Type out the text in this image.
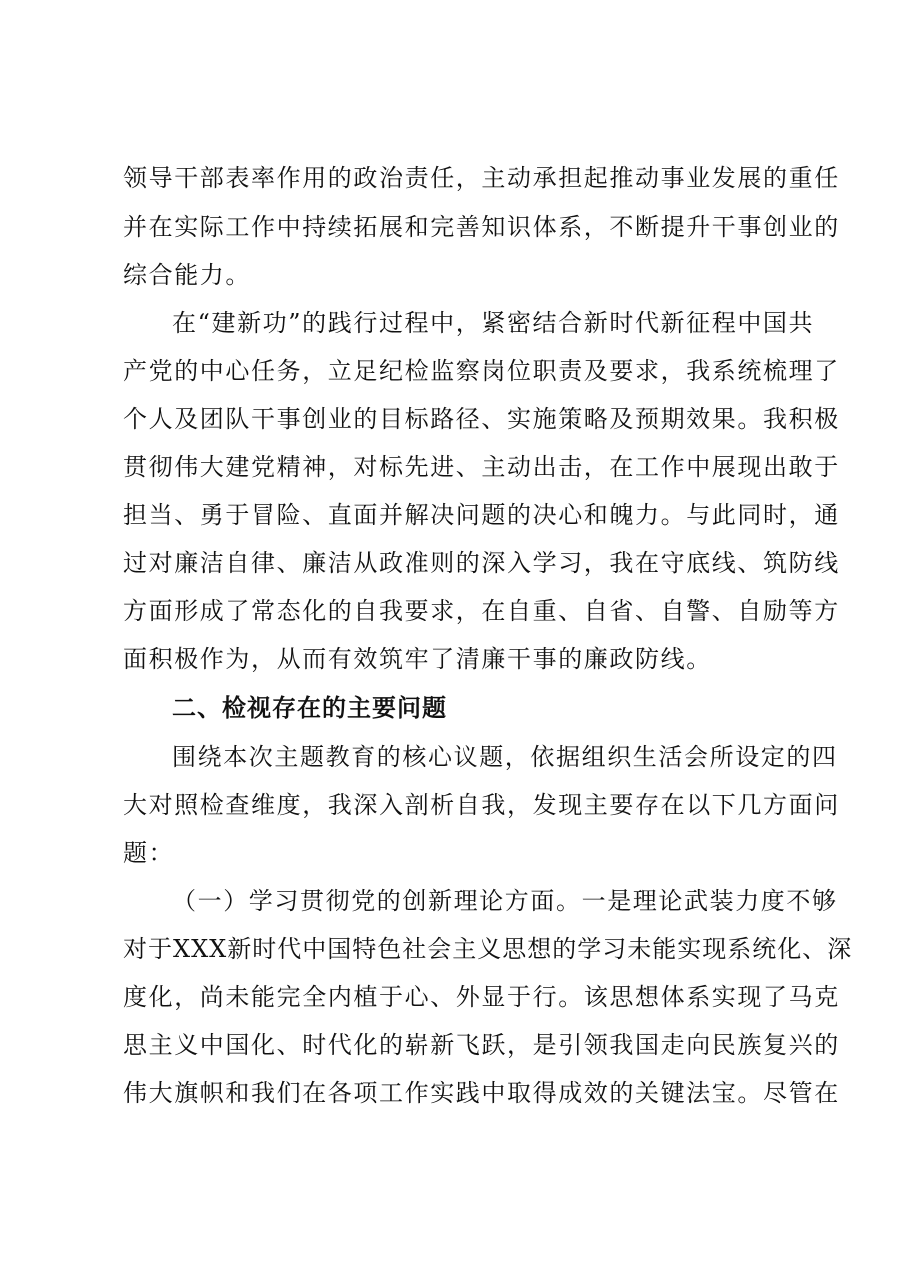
领导干部表率作用的政治责任，主动承担起推动事业发展的重任
并在实际工作中持续拓展和完善知识体系，不断提升干事创业的
综合能力。
在“建新功”的践行过程中，紧密结合新时代新征程中国共
产党的中心任务，立足纪检监察岗位职责及要求，我系统梳理了
个人及团队干事创业的目标路径、实施策略及预期效果。我积极
贯彻伟大建党精神，对标先进、主动出击，在工作中展现出敢于
担当、勇于冒险、直面并解决问题的决心和魄力。与此同时，通
过对廉洁自律、廉洁从政准则的深入学习，我在守底线、筑防线
方面形成了常态化的自我要求，在自重、自省、自警、自励等方
面积极作为，从而有效筑牢了清廉干事的廉政防线。
二、检视存在的主要问题
围绕本次主题教育的核心议题，依据组织生活会所设定的四
大对照检查维度，我深入剖析自我，发现主要存在以下几方面问
题：
（一）学习贯彻党的创新理论方面。一是理论武装力度不够
对于XXX新时代中国特色社会主义思想的学习未能实现系统化、深
度化，尚未能完全内植于心、外显于行。该思想体系实现了马克
思主义中国化、时代化的崭新飞跃，是引领我国走向民族复兴的
伟大旗帜和我们在各项工作实践中取得成效的关键法宝。尽管在
